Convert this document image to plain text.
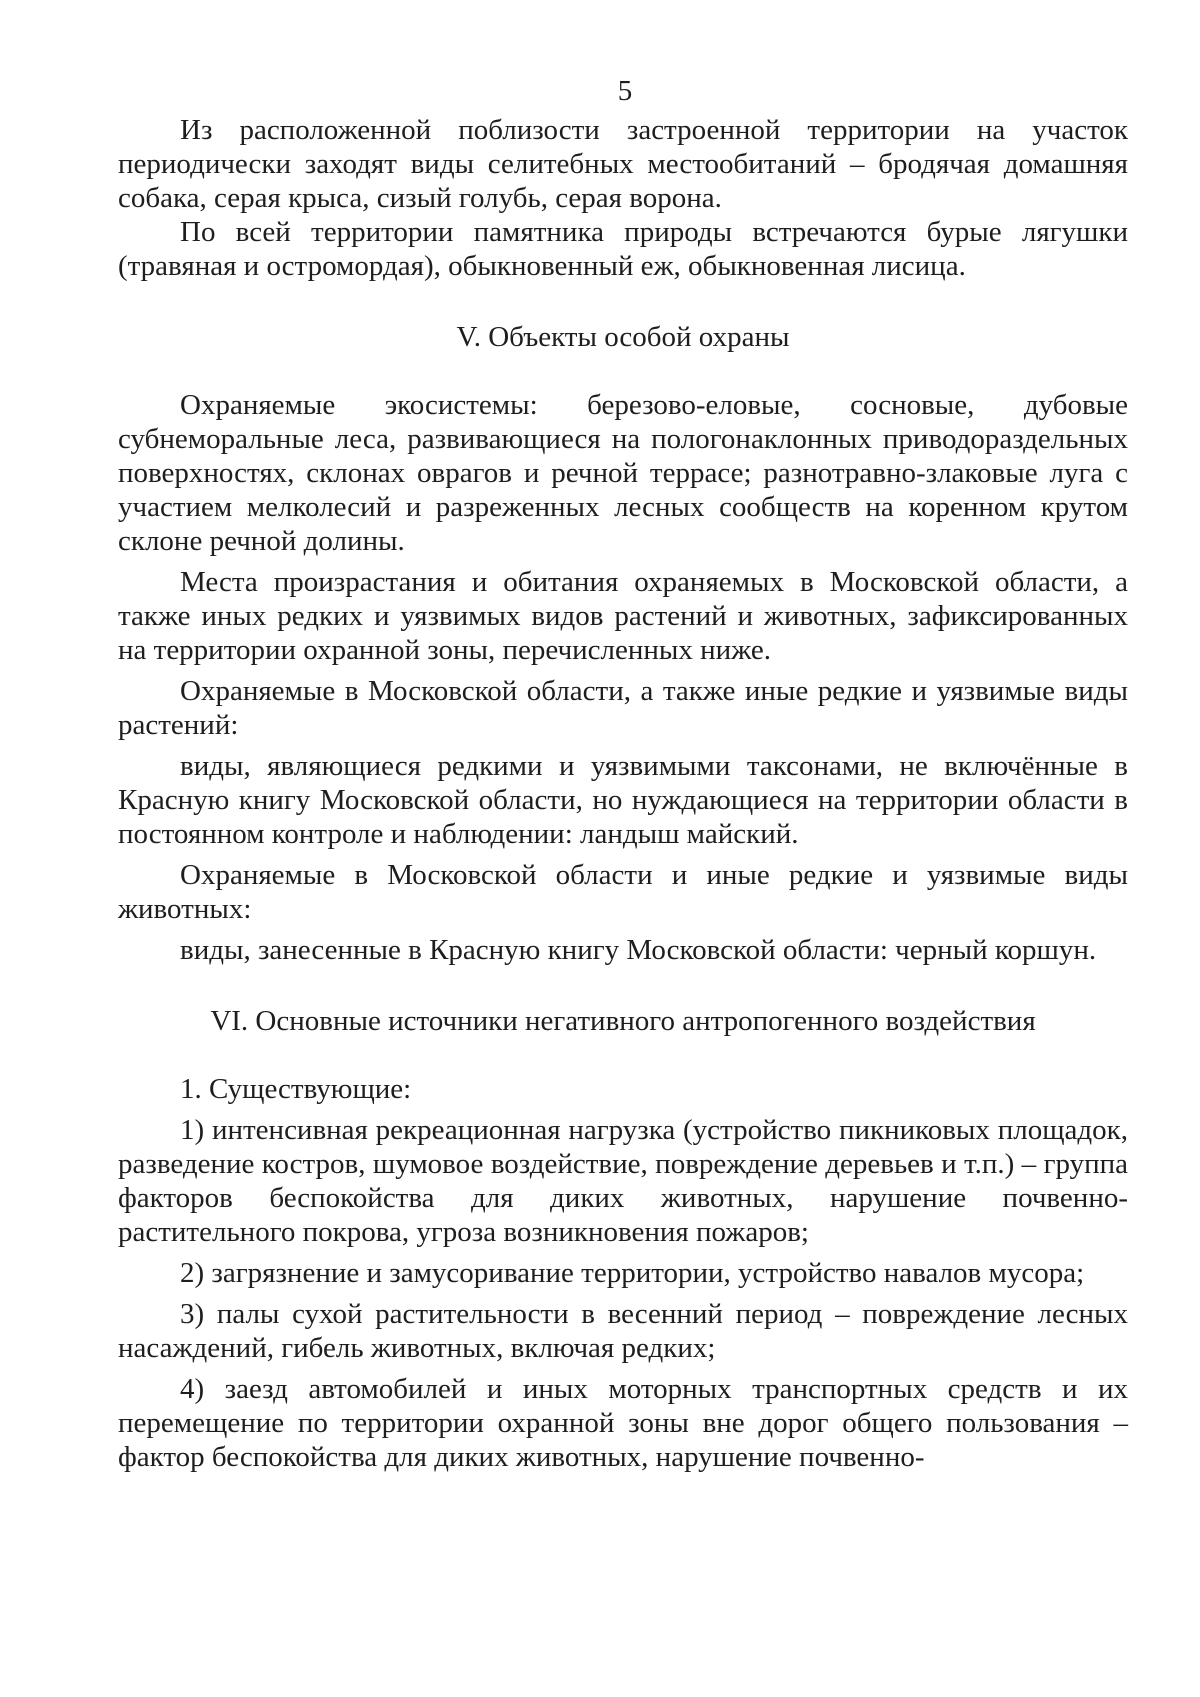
5

Из расположенной поблизости застроенной территории на участок периодически заходят виды селитебных местообитаний – бродячая домашняя собака, серая крыса, сизый голубь, серая ворона.

По всей территории памятника природы встречаются бурые лягушки (травяная и остромордая), обыкновенный еж, обыкновенная лисица.

V. Объекты особой охраны

Охраняемые экосистемы: березово-еловые, сосновые, дубовые субнеморальные леса, развивающиеся на пологонаклонных приводораздельных поверхностях, склонах оврагов и речной террасе; разнотравно-злаковые луга с участием мелколесий и разреженных лесных сообществ на коренном крутом склоне речной долины.

Места произрастания и обитания охраняемых в Московской области, а также иных редких и уязвимых видов растений и животных, зафиксированных на территории охранной зоны, перечисленных ниже.

Охраняемые в Московской области, а также иные редкие и уязвимые виды растений:

виды, являющиеся редкими и уязвимыми таксонами, не включённые в Красную книгу Московской области, но нуждающиеся на территории области в постоянном контроле и наблюдении: ландыш майский.

Охраняемые в Московской области и иные редкие и уязвимые виды животных:

виды, занесенные в Красную книгу Московской области: черный коршун.

VI. Основные источники негативного антропогенного воздействия

1. Существующие:

1) интенсивная рекреационная нагрузка (устройство пикниковых площадок, разведение костров, шумовое воздействие, повреждение деревьев и т.п.) – группа факторов беспокойства для диких животных, нарушение почвенно-растительного покрова, угроза возникновения пожаров;

2) загрязнение и замусоривание территории, устройство навалов мусора;

3) палы сухой растительности в весенний период – повреждение лесных насаждений, гибель животных, включая редких;

4) заезд автомобилей и иных моторных транспортных средств и их перемещение по территории охранной зоны вне дорог общего пользования – фактор беспокойства для диких животных, нарушение почвенно-
